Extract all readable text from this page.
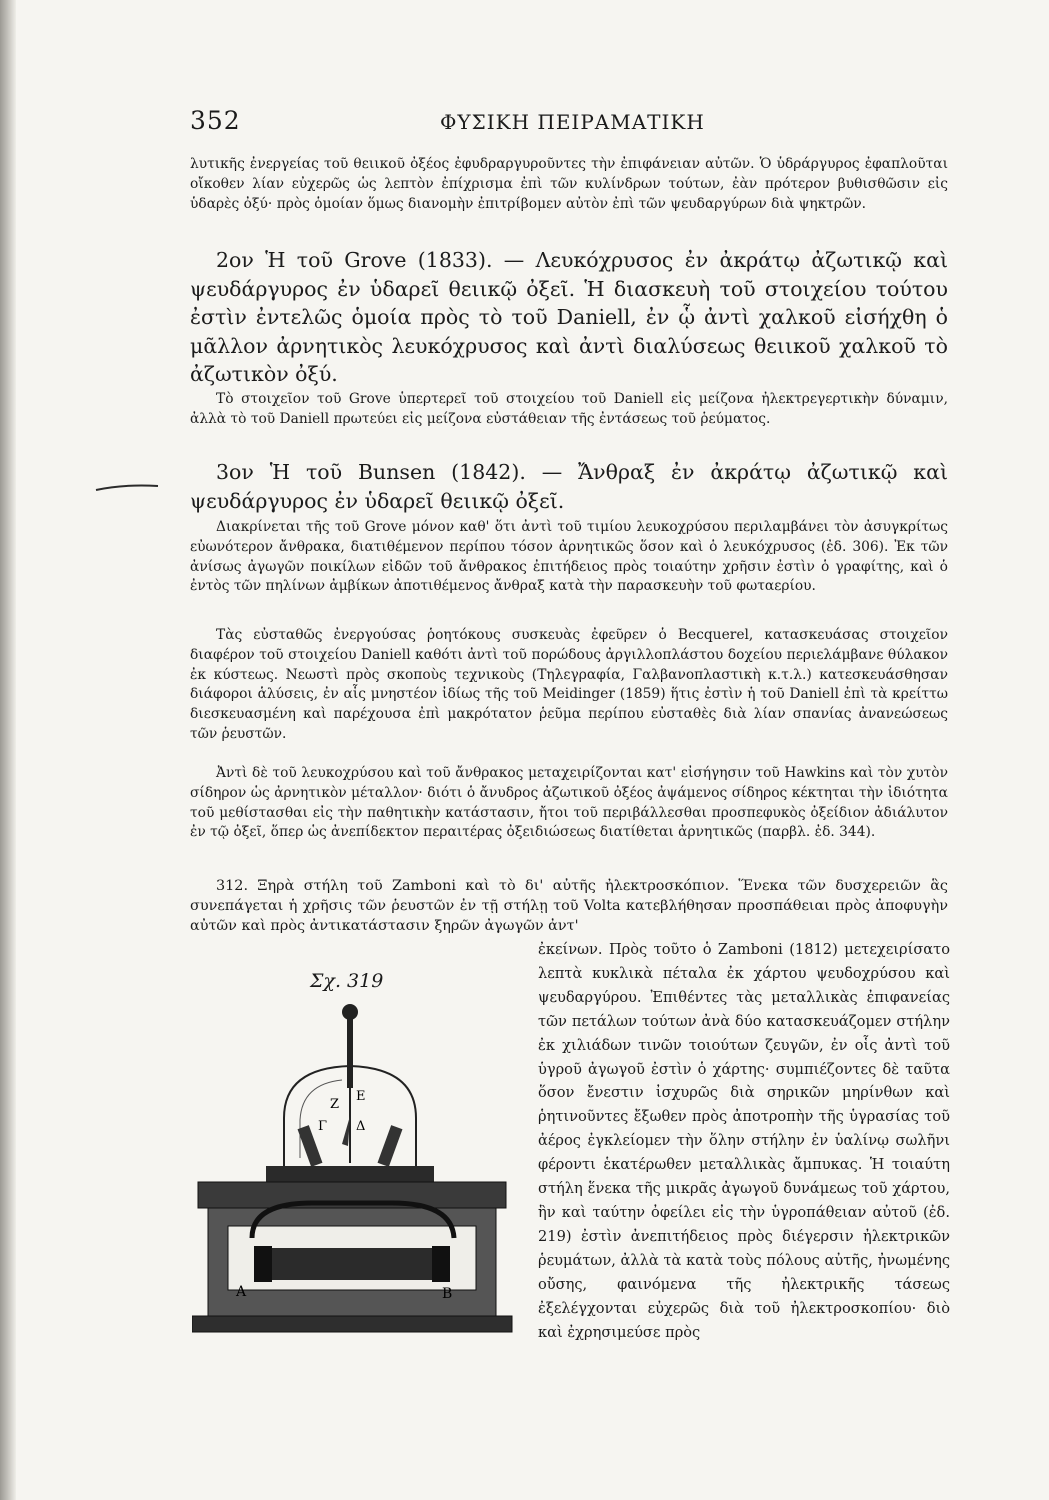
352	ΦΥΣΙΚΗ ΠΕΙΡΑΜΑΤΙΚΗ

λυτικῆς ἐνεργείας τοῦ θειικοῦ ὀξέος ἐφυδραργυροῦντες τὴν ἐπιφάνειαν αὐτῶν. Ὁ ὑδράργυρος ἐφαπλοῦται οἴκοθεν λίαν εὐχερῶς ὡς λεπτὸν ἐπίχρισμα ἐπὶ τῶν κυλίνδρων τούτων, ἐὰν πρότερον βυθισθῶσιν εἰς ὑδαρὲς ὀξύ· πρὸς ὁμοίαν ὅμως διανομὴν ἐπιτρίβομεν αὐτὸν ἐπὶ τῶν ψευδαργύρων διὰ ψηκτρῶν.

2ον Ἡ τοῦ Grove (1833). — Λευκόχρυσος ἐν ἀκράτῳ ἀζωτικῷ καὶ ψευδάργυρος ἐν ὑδαρεῖ θειικῷ ὀξεῖ. Ἡ διασκευὴ τοῦ στοιχείου τούτου ἐστὶν ἐντελῶς ὁμοία πρὸς τὸ τοῦ Daniell, ἐν ᾧ ἀντὶ χαλκοῦ εἰσήχθη ὁ μᾶλλον ἀρνητικὸς λευκόχρυσος καὶ ἀντὶ διαλύσεως θειικοῦ χαλκοῦ τὸ ἀζωτικὸν ὀξύ.

Τὸ στοιχεῖον τοῦ Grove ὑπερτερεῖ τοῦ στοιχείου τοῦ Daniell εἰς μείζονα ἠλεκτρεγερτικὴν δύναμιν, ἀλλὰ τὸ τοῦ Daniell πρωτεύει εἰς μείζονα εὐστάθειαν τῆς ἐντάσεως τοῦ ῥεύματος.

3ον Ἡ τοῦ Bunsen (1842). — Ἄνθραξ ἐν ἀκράτῳ ἀζωτικῷ καὶ ψευδάργυρος ἐν ὑδαρεῖ θειικῷ ὀξεῖ.

Διακρίνεται τῆς τοῦ Grove μόνον καθ' ὅτι ἀντὶ τοῦ τιμίου λευκοχρύσου περιλαμβάνει τὸν ἀσυγκρίτως εὐωνότερον ἄνθρακα, διατιθέμενον περίπου τόσον ἀρνητικῶς ὅσον καὶ ὁ λευκόχρυσος (ἐδ. 306). Ἐκ τῶν ἀνίσως ἀγωγῶν ποικίλων εἰδῶν τοῦ ἄνθρακος ἐπιτήδειος πρὸς τοιαύτην χρῆσιν ἐστὶν ὁ γραφίτης, καὶ ὁ ἐντὸς τῶν πηλίνων ἀμβίκων ἀποτιθέμενος ἄνθραξ κατὰ τὴν παρασκευὴν τοῦ φωταερίου.

Τὰς εὐσταθῶς ἐνεργούσας ῥοητόκους συσκευὰς ἐφεῦρεν ὁ Becquerel, κατασκευάσας στοιχεῖον διαφέρον τοῦ στοιχείου Daniell καθότι ἀντὶ τοῦ πορώδους ἀργιλλοπλάστου δοχείου περιελάμβανε θύλακον ἐκ κύστεως. Νεωστὶ πρὸς σκοποὺς τεχνικοὺς (Τηλεγραφία, Γαλβανοπλαστικὴ κ.τ.λ.) κατεσκευάσθησαν διάφοροι ἁλύσεις, ἐν αἷς μνηστέον ἰδίως τῆς τοῦ Meidinger (1859) ἥτις ἐστὶν ἡ τοῦ Daniell ἐπὶ τὰ κρείττω διεσκευασμένη καὶ παρέχουσα ἐπὶ μακρότατον ῥεῦμα περίπου εὐσταθὲς διὰ λίαν σπανίας ἀνανεώσεως τῶν ῥευστῶν.

Ἀντὶ δὲ τοῦ λευκοχρύσου καὶ τοῦ ἄνθρακος μεταχειρίζονται κατ' εἰσήγησιν τοῦ Hawkins καὶ τὸν χυτὸν σίδηρον ὡς ἀρνητικὸν μέταλλον· διότι ὁ ἄνυδρος ἀζωτικοῦ ὀξέος ἀψάμενος σίδηρος κέκτηται τὴν ἰδιότητα τοῦ μεθίστασθαι εἰς τὴν παθητικὴν κατάστασιν, ἤτοι τοῦ περιβάλλεσθαι προσπεφυκὸς ὀξείδιον ἀδιάλυτον ἐν τῷ ὀξεῖ, ὅπερ ὡς ἀνεπίδεκτον περαιτέρας ὀξειδιώσεως διατίθεται ἀρνητικῶς (παρβλ. ἐδ. 344).

312. Ξηρὰ στήλη τοῦ Zamboni καὶ τὸ δι' αὐτῆς ἠλεκτροσκόπιον. Ἕνεκα τῶν δυσχερειῶν ἃς συνεπάγεται ἡ χρῆσις τῶν ῥευστῶν ἐν τῇ στήλῃ τοῦ Volta κατεβλήθησαν προσπάθειαι πρὸς ἀποφυγὴν αὐτῶν καὶ πρὸς ἀντικατάστασιν ξηρῶν ἀγωγῶν ἀντ'

ἐκείνων. Πρὸς τοῦτο ὁ Zamboni (1812) μετεχειρίσατο λεπτὰ κυκλικὰ πέταλα ἐκ χάρτου ψευδοχρύσου καὶ ψευδαργύρου. Ἐπιθέντες τὰς μεταλλικὰς ἐπιφανείας τῶν πετάλων τούτων ἀνὰ δύο κατασκευάζομεν στήλην ἐκ χιλιάδων τινῶν τοιούτων ζευγῶν, ἐν οἷς ἀντὶ τοῦ ὑγροῦ ἀγωγοῦ ἐστὶν ὁ χάρτης· συμπιέζοντες δὲ ταῦτα ὅσον ἔνεστιν ἰσχυρῶς διὰ σηρικῶν μηρίνθων καὶ ῥητινοῦντες ἔξωθεν πρὸς ἀποτροπὴν τῆς ὑγρασίας τοῦ ἀέρος ἐγκλείομεν τὴν ὅλην στήλην ἐν ὑαλίνῳ σωλῆνι φέροντι ἑκατέρωθεν μεταλλικὰς ἄμπυκας. Ἡ τοιαύτη στήλη ἕνεκα τῆς μικρᾶς ἀγωγοῦ δυνάμεως τοῦ χάρτου, ἣν καὶ ταύτην ὀφείλει εἰς τὴν ὑγροπάθειαν αὐτοῦ (ἐδ. 219) ἐστὶν ἀνεπιτήδειος πρὸς διέγερσιν ἠλεκτρικῶν ῥευμάτων, ἀλλὰ τὰ κατὰ τοὺς πόλους αὐτῆς, ἠνωμένης οὔσης, φαινόμενα τῆς ἠλεκτρικῆς τάσεως ἐξελέγχονται εὐχερῶς διὰ τοῦ ἠλεκτροσκοπίου· διὸ καὶ ἐχρησιμεύσε πρὸς

Σχ. 319
E
Z
Γ Δ
A	B
